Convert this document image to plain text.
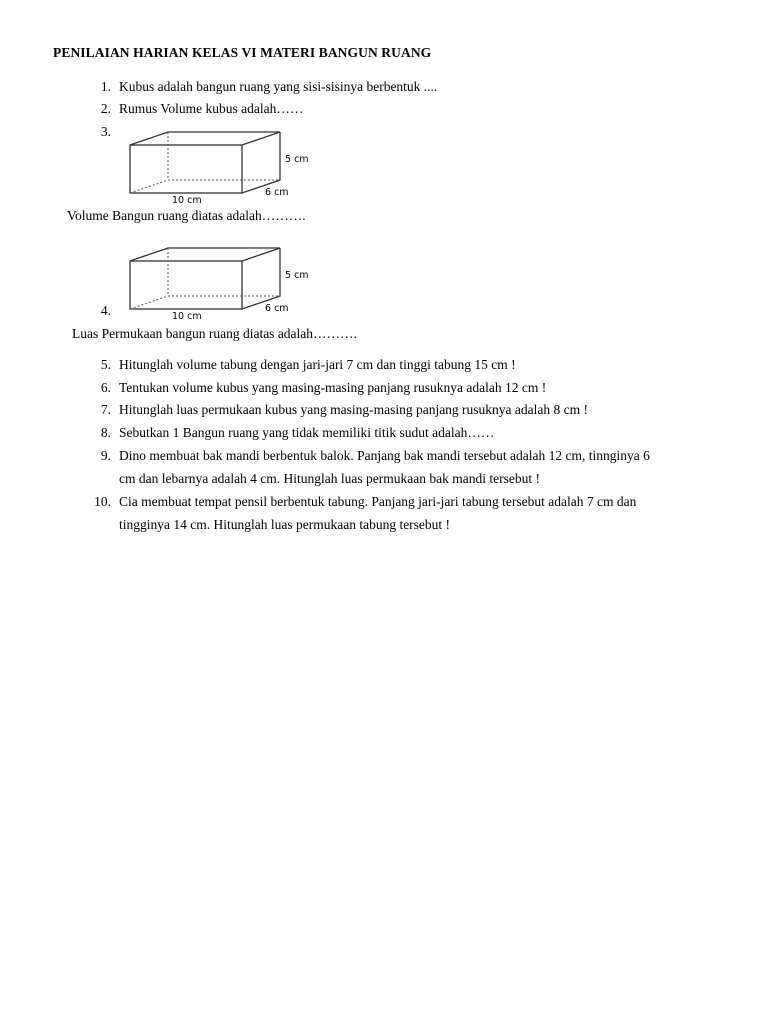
PENILAIAN HARIAN KELAS VI MATERI BANGUN RUANG
1. Kubus adalah bangun ruang yang sisi-sisinya berbentuk ....
2. Rumus Volume kubus adalah……
3.
5 cm
6 cm
10 cm
Volume Bangun ruang diatas adalah……….
5 cm
6 cm
10 cm
4.
Luas Permukaan bangun ruang diatas adalah……….
5. Hitunglah volume tabung dengan jari-jari 7 cm dan tinggi tabung 15 cm !
6. Tentukan volume kubus yang masing-masing panjang rusuknya adalah 12 cm !
7. Hitunglah luas permukaan kubus yang masing-masing panjang rusuknya adalah 8 cm !
8. Sebutkan 1 Bangun ruang yang tidak memiliki titik sudut adalah……
9. Dino membuat bak mandi berbentuk balok. Panjang bak mandi tersebut adalah 12 cm, tinnginya 6
cm dan lebarnya adalah 4 cm. Hitunglah luas permukaan bak mandi tersebut !
10. Cia membuat tempat pensil berbentuk tabung. Panjang jari-jari tabung tersebut adalah 7 cm dan
tingginya 14 cm. Hitunglah luas permukaan tabung tersebut !
